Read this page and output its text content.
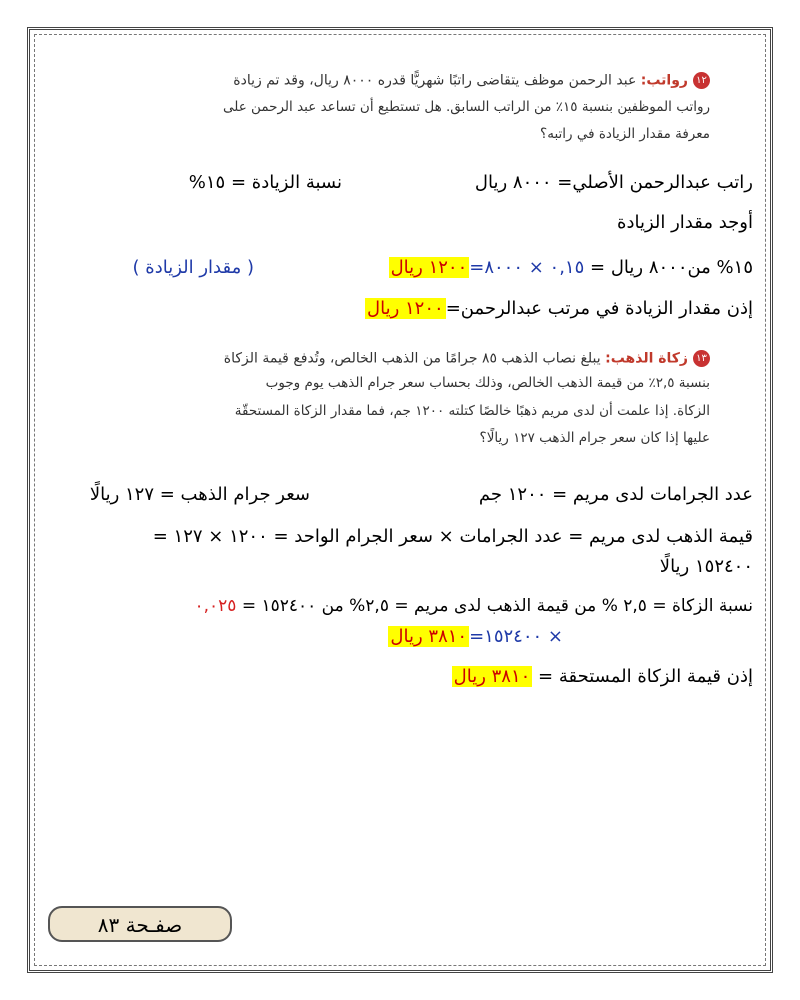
١٢رواتب: عبد الرحمن موظف يتقاضى راتبًا شهريًّا قدره ٨٠٠٠ ريال، وقد تم زيادة
رواتب الموظفين بنسبة ١٥٪ من الراتب السابق. هل تستطيع أن تساعد عبد الرحمن على
معرفة مقدار الزيادة في راتبه؟
راتب عبدالرحمن الأصلي= ٨٠٠٠ ريال
نسبة الزيادة = ١٥%
أوجد مقدار الزيادة
١٥% من٨٠٠٠ ريال = ٠,١٥ × ٨٠٠٠=١٢٠٠ ريال
( مقدار الزيادة )
إذن مقدار الزيادة في مرتب عبدالرحمن=١٢٠٠ ريال
١٣زكاة الذهب: يبلغ نصاب الذهب ٨٥ جرامًا من الذهب الخالص، وتُدفع قيمة الزكاة
بنسبة ٢,٥٪ من قيمة الذهب الخالص، وذلك بحساب سعر جرام الذهب يوم وجوب
الزكاة. إذا علمت أن لدى مريم ذهبًا خالصًا كتلته ١٢٠٠ جم، فما مقدار الزكاة المستحقّة
عليها إذا كان سعر جرام الذهب ١٢٧ ريالًا؟
عدد الجرامات لدى مريم = ١٢٠٠ جم
سعر جرام الذهب = ١٢٧ ريالًا
قيمة الذهب لدى مريم = عدد الجرامات × سعر الجرام الواحد = ١٢٠٠ × ١٢٧ =
١٥٢٤٠٠ ريالًا
نسبة الزكاة = ٢,٥ % من قيمة الذهب لدى مريم = ٢,٥% من ١٥٢٤٠٠ = ٠,٠٢٥
× ١٥٢٤٠٠=٣٨١٠ ريال
إذن قيمة الزكاة المستحقة = ٣٨١٠ ريال
صفـحة ٨٣
